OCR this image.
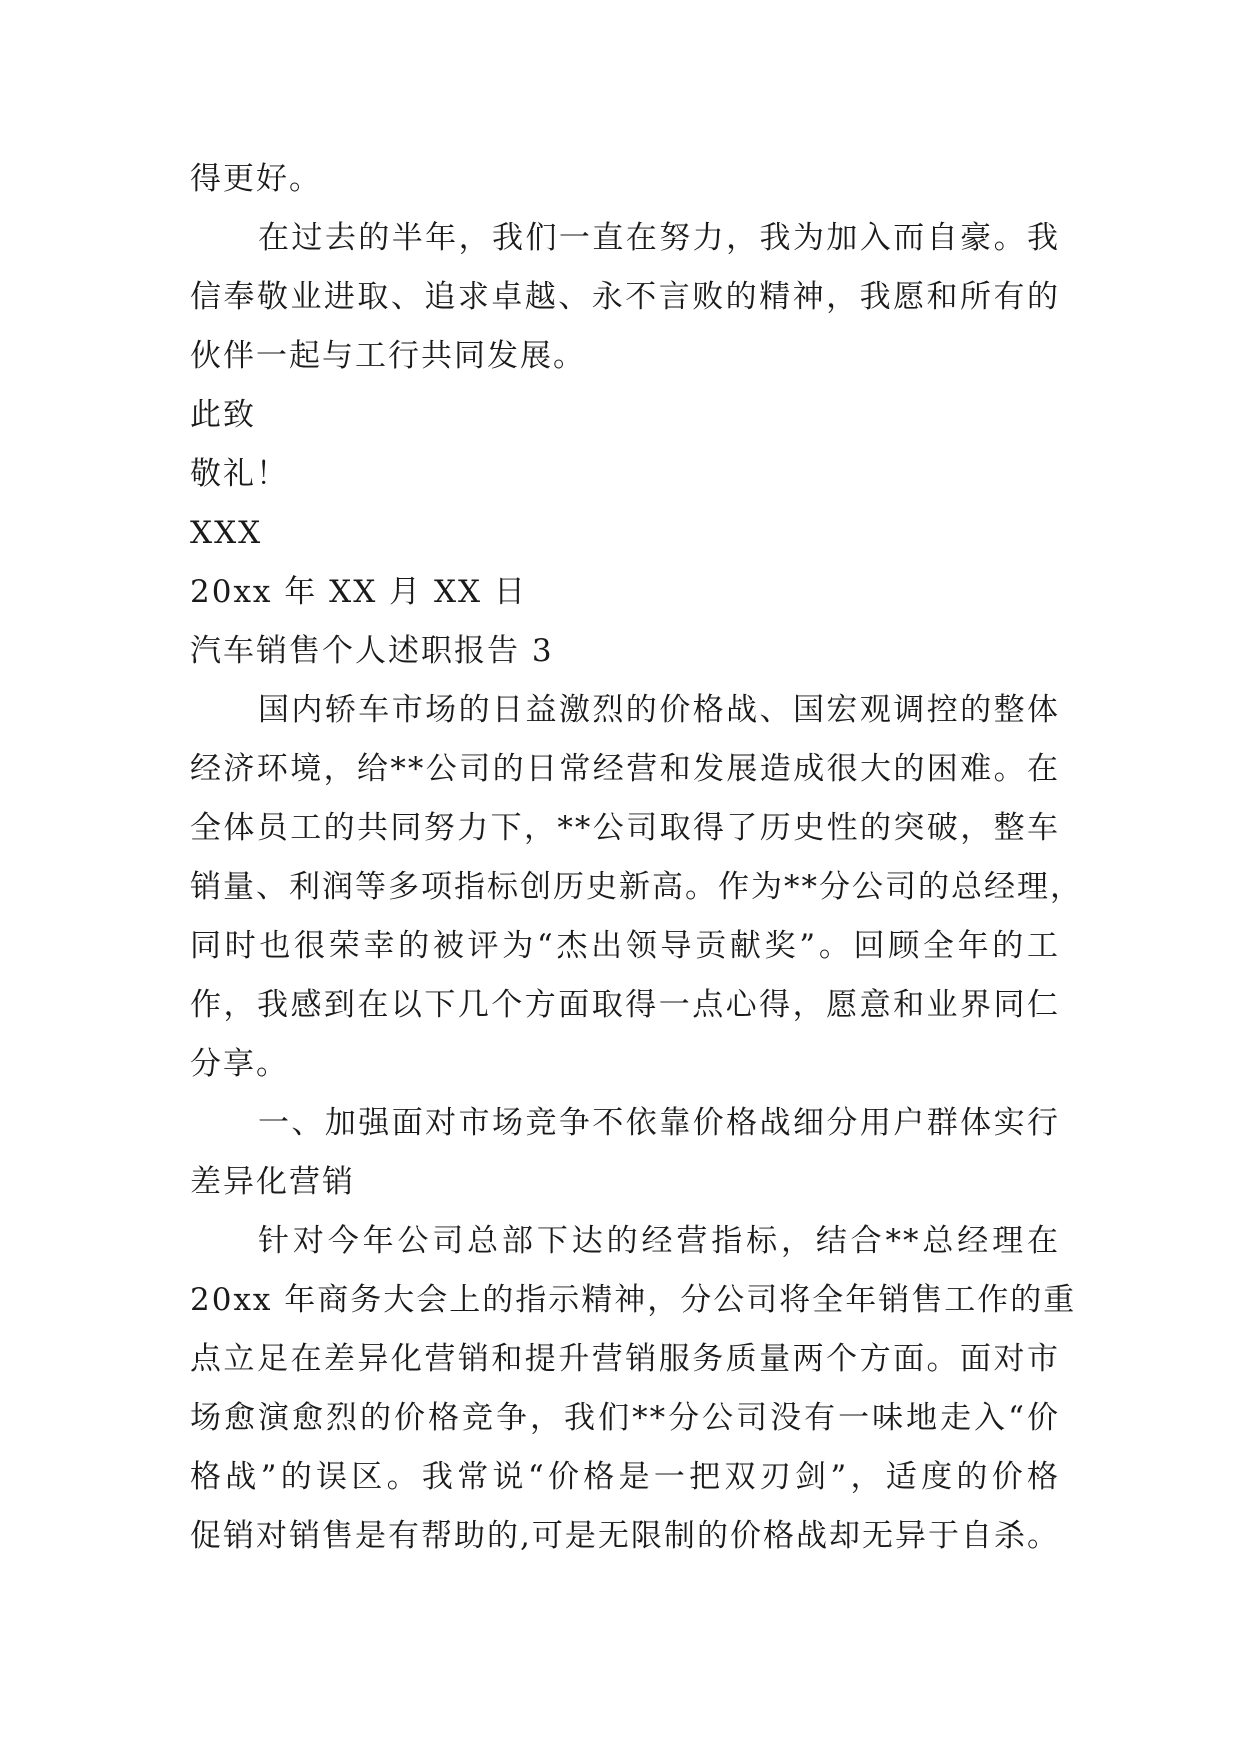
得更好。
在过去的半年，我们一直在努力，我为加入而自豪。我
信奉敬业进取、追求卓越、永不言败的精神，我愿和所有的
伙伴一起与工行共同发展。
此致
敬礼！
XXX
20xx 年 XX 月 XX 日
汽车销售个人述职报告 3
国内轿车市场的日益激烈的价格战、国宏观调控的整体
经济环境，给**公司的日常经营和发展造成很大的困难。在
全体员工的共同努力下，**公司取得了历史性的突破，整车
销量、利润等多项指标创历史新高。作为**分公司的总经理，
同时也很荣幸的被评为“杰出领导贡献奖”。回顾全年的工
作，我感到在以下几个方面取得一点心得，愿意和业界同仁
分享。
一、加强面对市场竞争不依靠价格战细分用户群体实行
差异化营销
针对今年公司总部下达的经营指标，结合**总经理在
20xx 年商务大会上的指示精神，分公司将全年销售工作的重
点立足在差异化营销和提升营销服务质量两个方面。面对市
场愈演愈烈的价格竞争，我们**分公司没有一味地走入“价
格战”的误区。我常说“价格是一把双刃剑”，适度的价格
促销对销售是有帮助的,可是无限制的价格战却无异于自杀。
